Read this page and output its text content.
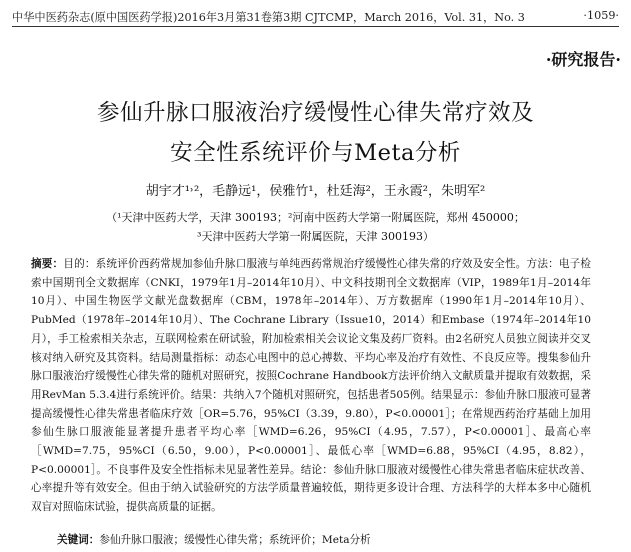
中华中医药杂志(原中国医药学报)2016年3月第31卷第3期 CJTCMP，March 2016，Vol. 31，No. 3	·1059·
·研究报告·
参仙升脉口服液治疗缓慢性心律失常疗效及
安全性系统评价与Meta分析
胡宇才¹˒²，毛静远¹，侯雅竹¹，杜廷海²，王永霞²，朱明军²
（¹天津中医药大学，天津 300193；²河南中医药大学第一附属医院，郑州 450000；
³天津中医药大学第一附属医院，天津 300193）

摘要：目的：系统评价西药常规加参仙升脉口服液与单纯西药常规治疗缓慢性心律失常的疗效及安全性。方法：电子检索中国期刊全文数据库（CNKI，1979年1月–2014年10月）、中文科技期刊全文数据库（VIP，1989年1月–2014年10月）、中国生物医学文献光盘数据库（CBM，1978年–2014年）、万方数据库（1990年1月–2014年10月）、PubMed（1978年–2014年10月）、The Cochrane Library（Issue10，2014）和Embase（1974年–2014年10月），手工检索相关杂志，互联网检索在研试验，附加检索相关会议论文集及药厂资料。由2名研究人员独立阅读并交叉核对纳入研究及其资料。结局测量指标：动态心电图中的总心搏数、平均心率及治疗有效性、不良反应等。搜集参仙升脉口服液治疗缓慢性心律失常的随机对照研究，按照Cochrane Handbook方法评价纳入文献质量并提取有效数据，采用RevMan 5.3.4进行系统评价。结果：共纳入7个随机对照研究，包括患者505例。结果显示：参仙升脉口服液可显著提高缓慢性心律失常患者临床疗效［OR=5.76，95%CI（3.39，9.80），P<0.00001］；在常规西药治疗基础上加用参仙生脉口服液能显著提升患者平均心率［WMD=6.26，95%CI（4.95，7.57），P<0.00001］、最高心率［WMD=7.75，95%CI（6.50，9.00），P<0.00001］、最低心率［WMD=6.88，95%CI（4.95，8.82），P<0.00001］。不良事件及安全性指标未见显著性差异。结论：参仙升脉口服液对缓慢性心律失常患者临床症状改善、心率提升等有效安全。但由于纳入试验研究的方法学质量普遍较低，期待更多设计合理、方法科学的大样本多中心随机双盲对照临床试验，提供高质量的证据。

关键词：参仙升脉口服液；缓慢性心律失常；系统评价；Meta分析
